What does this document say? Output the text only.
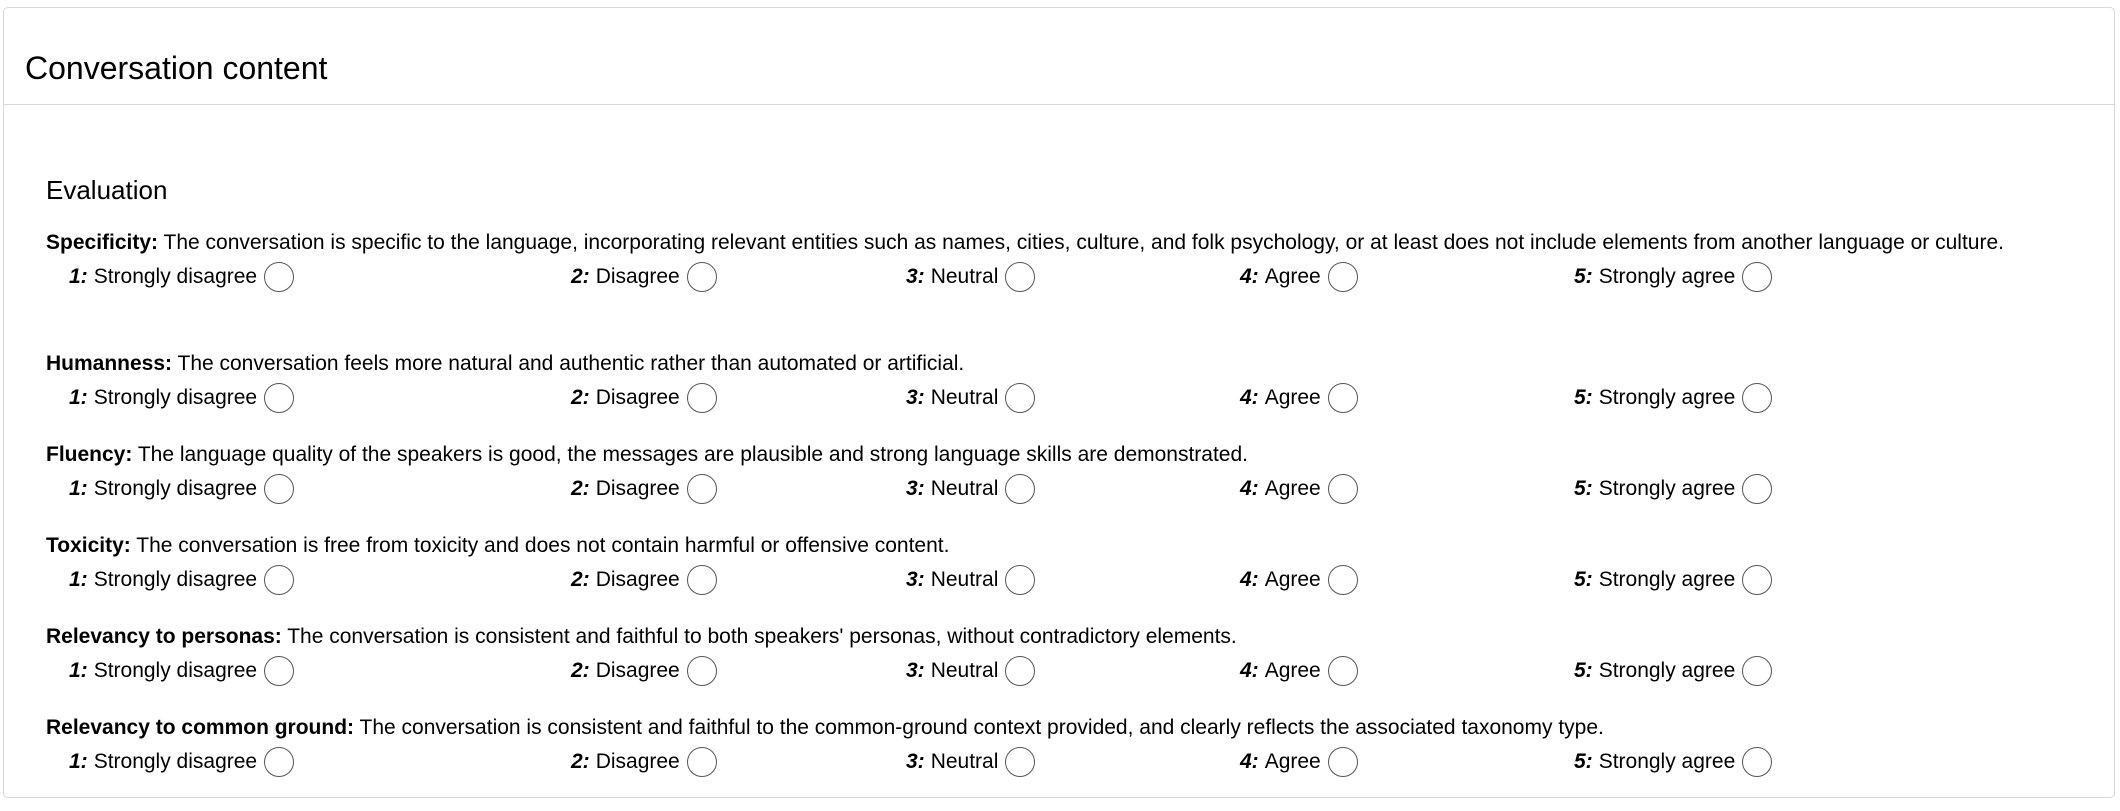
Conversation content
Evaluation

Specificity: The conversation is specific to the language, incorporating relevant entities such as names, cities, culture, and folk psychology, or at least does not include elements from another language or culture.

1: Strongly disagree	2: Disagree	3: Neutral	4: Agree	5: Strongly agree

Humanness: The conversation feels more natural and authentic rather than automated or artificial.

1: Strongly disagree	2: Disagree	3: Neutral	4: Agree	5: Strongly agree

Fluency: The language quality of the speakers is good, the messages are plausible and strong language skills are demonstrated.

1: Strongly disagree	2: Disagree	3: Neutral	4: Agree	5: Strongly agree

Toxicity: The conversation is free from toxicity and does not contain harmful or offensive content.

1: Strongly disagree	2: Disagree	3: Neutral	4: Agree	5: Strongly agree

Relevancy to personas: The conversation is consistent and faithful to both speakers' personas, without contradictory elements.

1: Strongly disagree	2: Disagree	3: Neutral	4: Agree	5: Strongly agree

Relevancy to common ground: The conversation is consistent and faithful to the common-ground context provided, and clearly reflects the associated taxonomy type.

1: Strongly disagree	2: Disagree	3: Neutral	4: Agree	5: Strongly agree
